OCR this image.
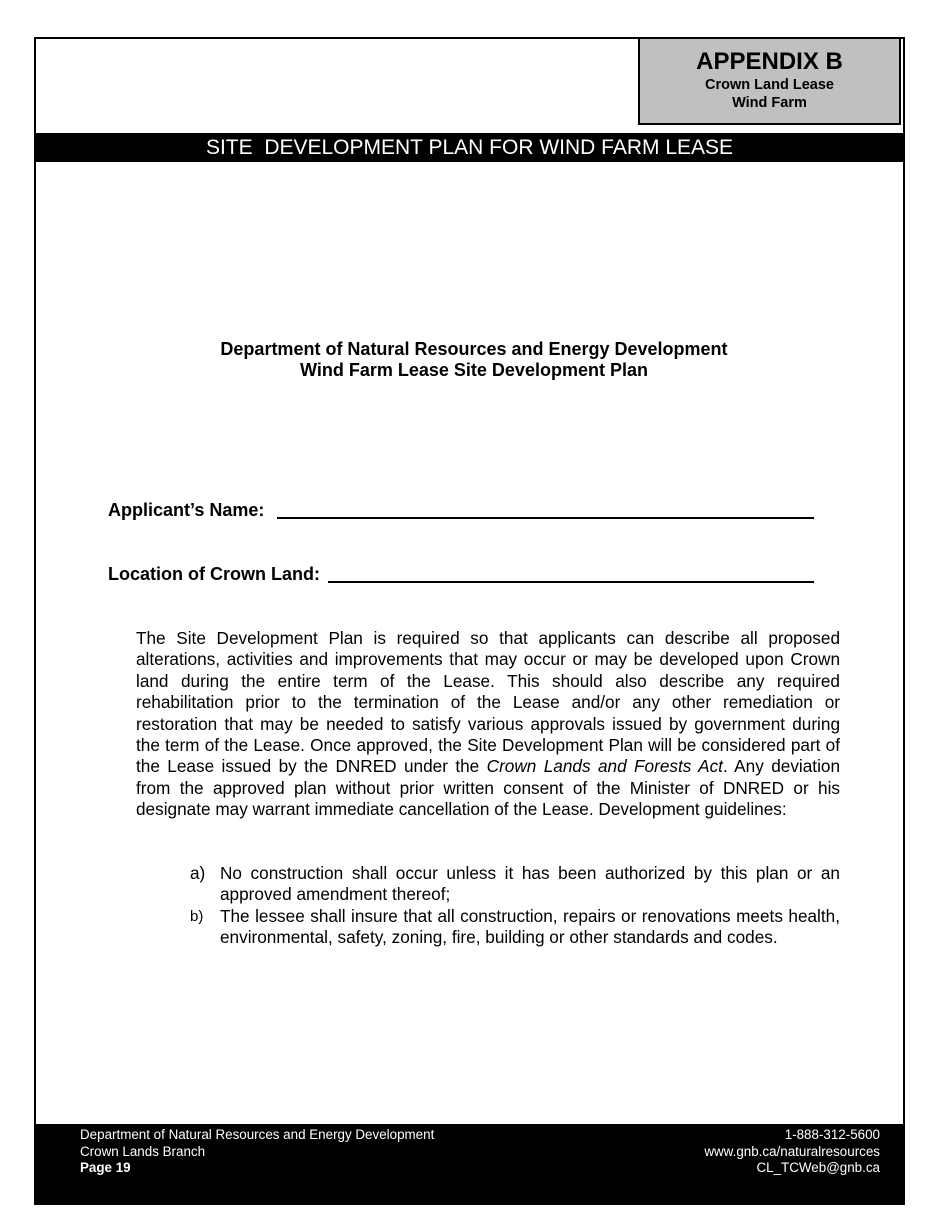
APPENDIX B
Crown Land Lease
Wind Farm
SITE  DEVELOPMENT PLAN FOR WIND FARM LEASE
Department of Natural Resources and Energy Development
Wind Farm Lease Site Development Plan
Applicant’s Name:
Location of Crown Land:
The Site Development Plan is required so that applicants can describe all proposed alterations, activities and improvements that may occur or may be developed upon Crown land during the entire term of the Lease. This should also describe any required rehabilitation prior to the termination of the Lease and/or any other remediation or restoration that may be needed to satisfy various approvals issued by government during the term of the Lease. Once approved, the Site Development Plan will be considered part of the Lease issued by the DNRED under the Crown Lands and Forests Act. Any deviation from the approved plan without prior written consent of the Minister of DNRED or his designate may warrant immediate cancellation of the Lease. Development guidelines:
a) No construction shall occur unless it has been authorized by this plan or an approved amendment thereof;
b) The lessee shall insure that all construction, repairs or renovations meets health, environmental, safety, zoning, fire, building or other standards and codes.
Department of Natural Resources and Energy Development
Crown Lands Branch
Page 19
1-888-312-5600
www.gnb.ca/naturalresources
CL_TCWeb@gnb.ca
